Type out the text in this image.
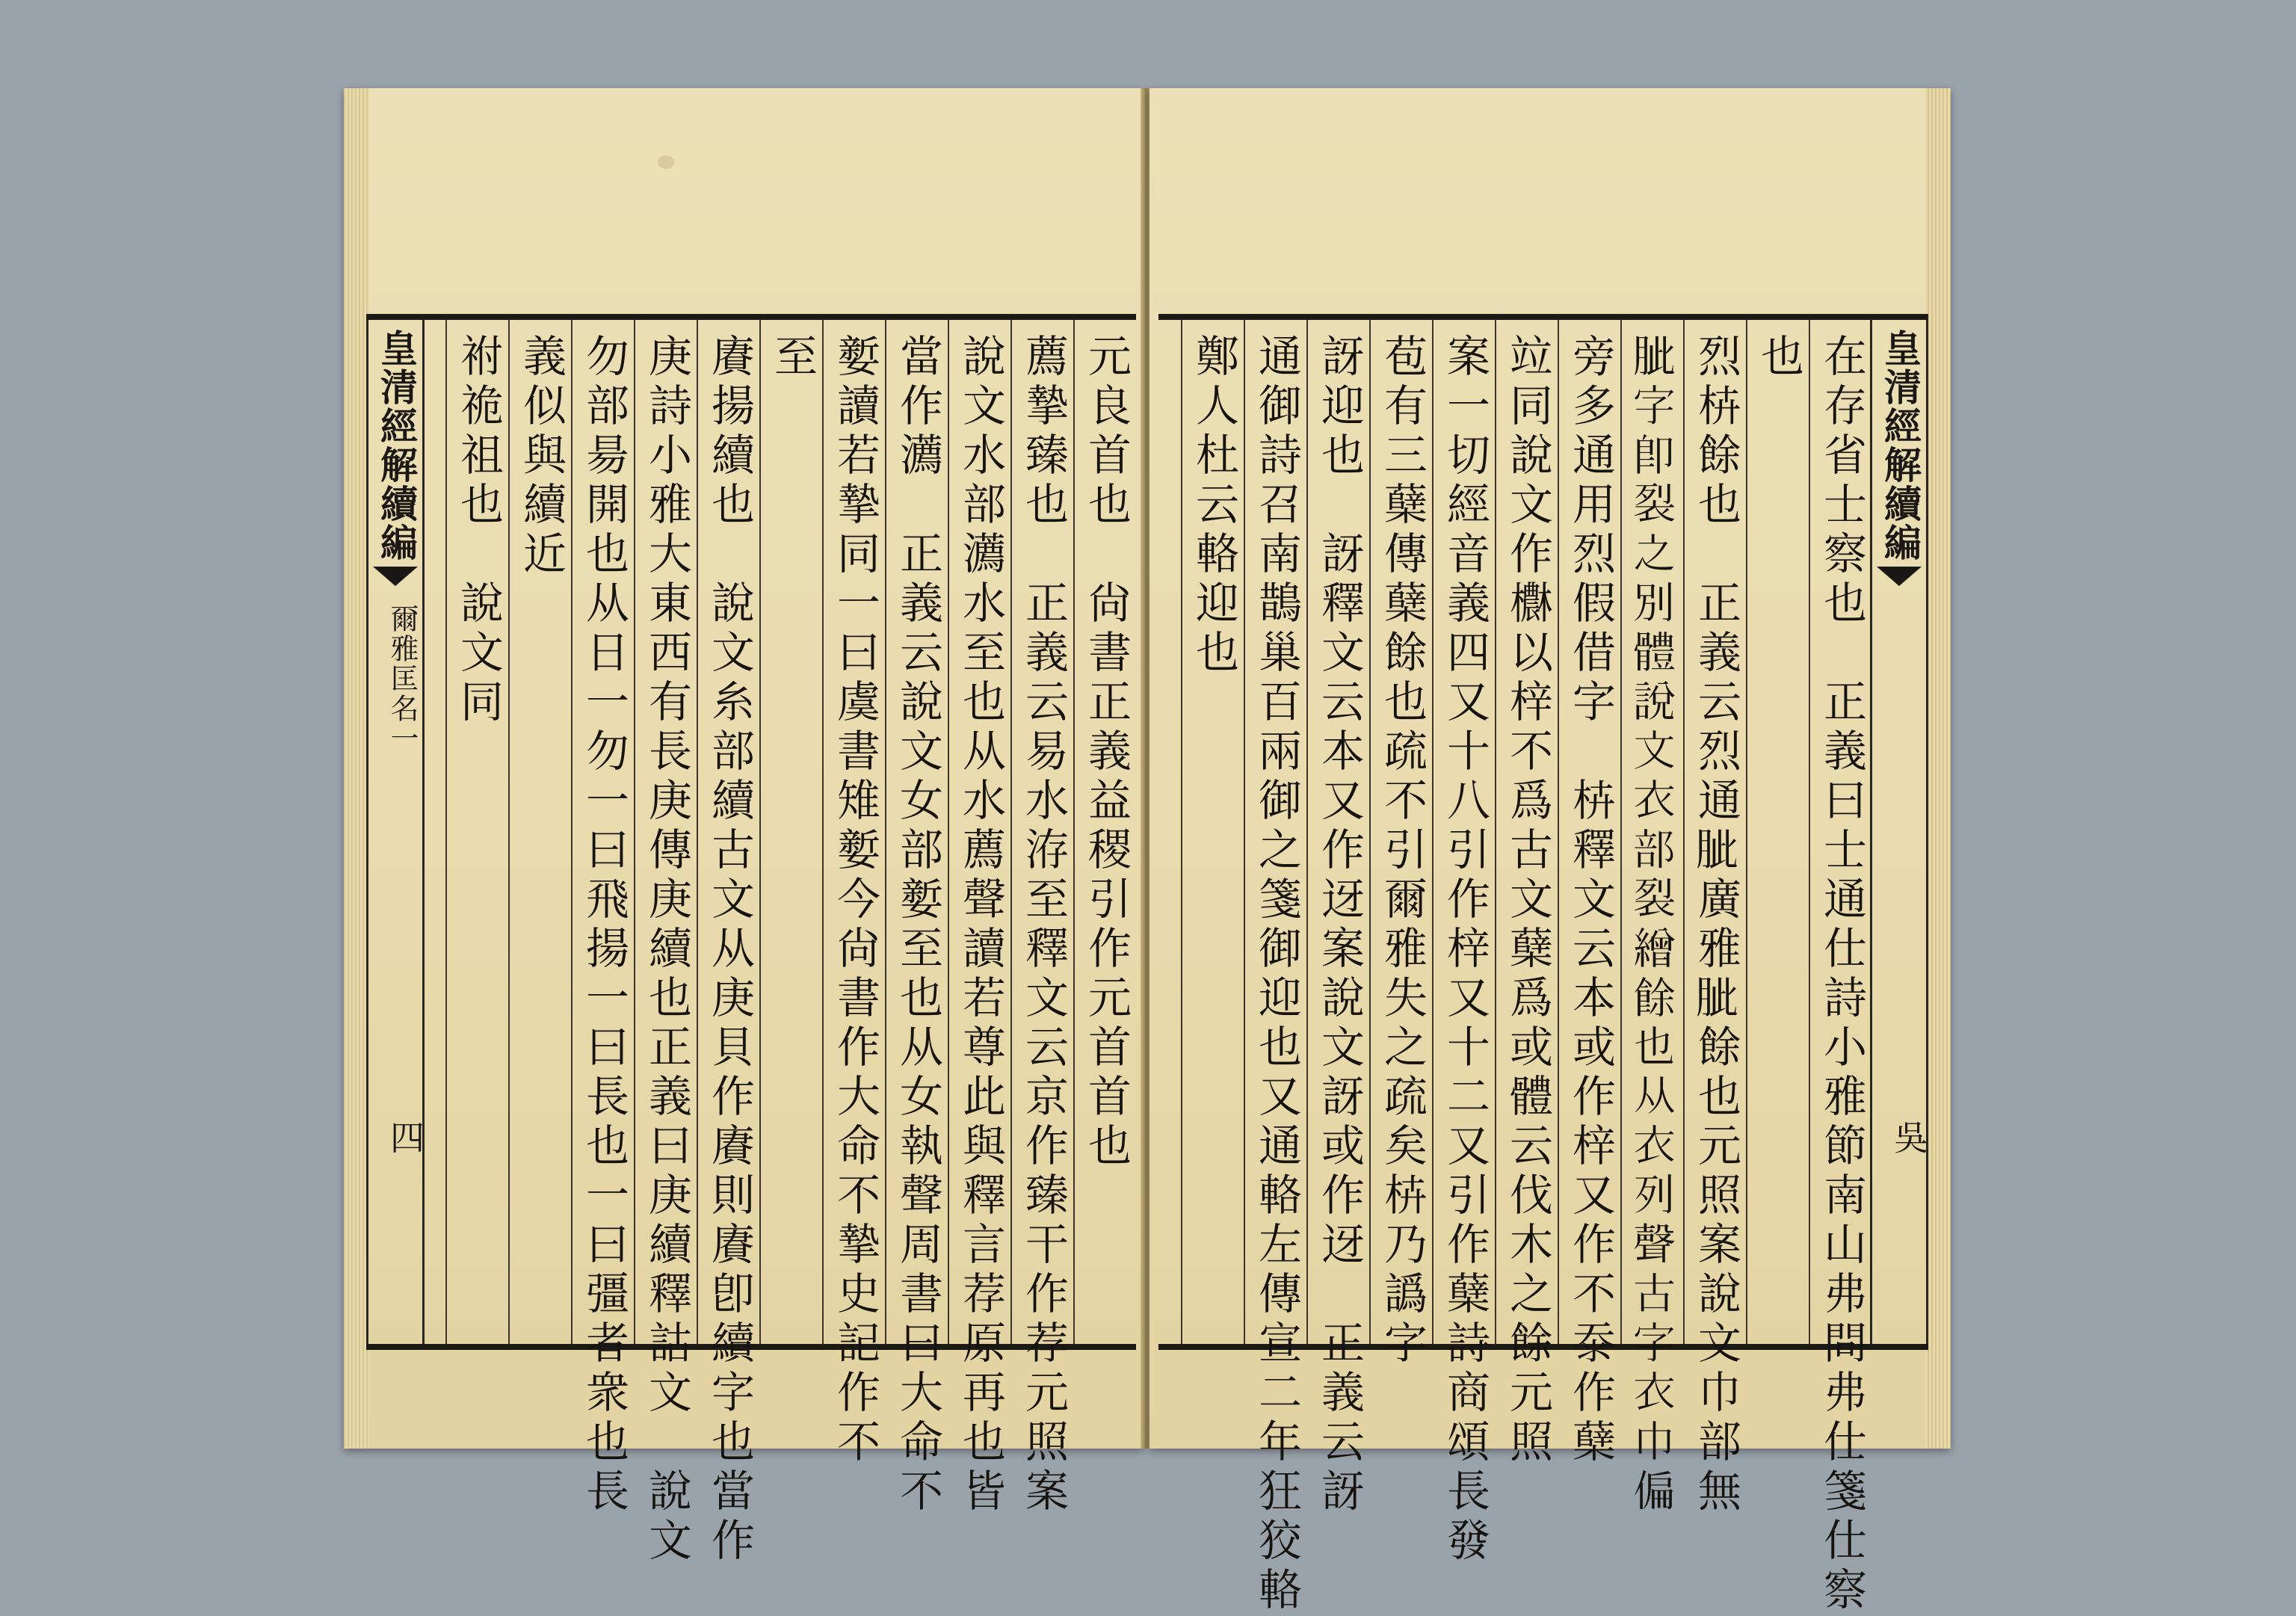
皇清經解續編
爾雅匡名一
四	元良首也　尙書正義益稷引作元首首也
薦摯臻也　正義云易水洊至釋文云京作臻干作荐元照案
說文水部瀳水至也从水薦聲讀若尊此與釋言荐原再也皆
當作瀳　正義云說文女部㜪至也从女執聲周書曰大命不
㜪讀若摯同一曰虞書雉㜪今尙書作大命不摯史記作不
至
賡揚續也　說文糸部續古文从庚貝作賡則賡卽續字也當作
庚詩小雅大東西有長庚傳庚續也正義曰庚續釋詁文　說文
勿部昜開也从日一勿一曰飛揚一曰長也一曰彊者衆也長
義似與續近
祔祪祖也　說文同	在存省士察也　正義曰士通仕詩小雅節南山弗問弗仕箋仕察
也
烈枿餘也　正義云烈通𦚚廣雅𦚚餘也元照案說文巾部無
𦚚字卽裂之別體說文衣部裂繒餘也从衣列聲古字衣巾偏
旁多通用烈假借字　枿釋文云本或作梓又作不沗作蘖
竝同說文作欁以梓不爲古文蘖爲或體云伐木之餘元照
案一切經音義四又十八引作梓又十二又引作蘖詩商頌長發
苞有三蘖傳蘖餘也疏不引爾雅失之疏矣枿乃譌字
訝迎也　訝釋文云本又作迓案說文訝或作迓　正義云訝
通御詩召南鵲巢百兩御之箋御迎也又通輅左傳宣二年狂狡輅
鄭人杜云輅迎也	皇清經解續編
吳
